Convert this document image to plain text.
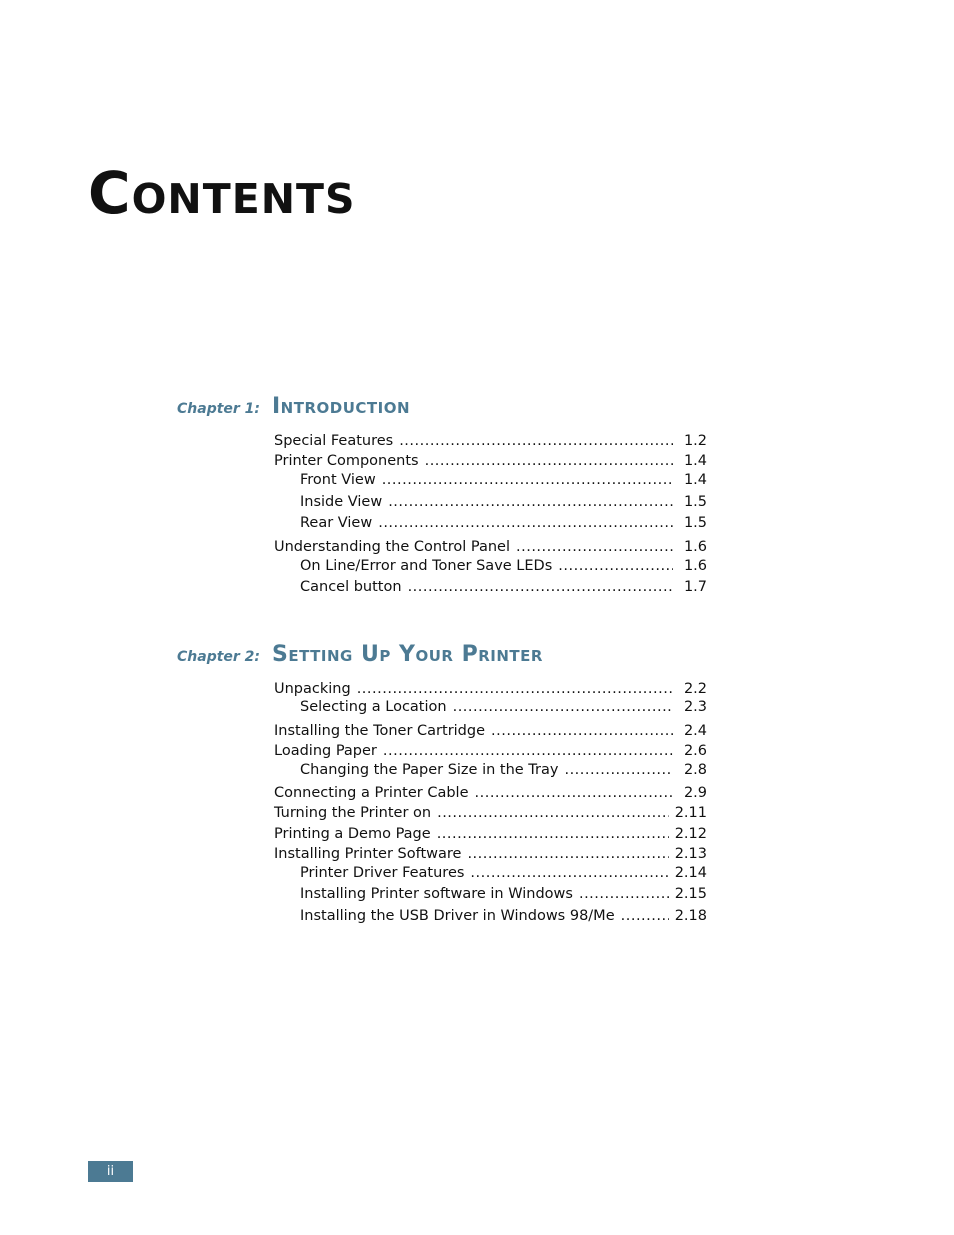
Contents
Chapter 1: Introduction
Special Features .....	1.2
Printer Components .....	1.4
Front View .....	1.4
Inside View .....	1.5
Rear View .....	1.5
Understanding the Control Panel .....	1.6
On Line/Error and Toner Save LEDs .....	1.6
Cancel button .....	1.7
Chapter 2: Setting Up Your Printer
Unpacking .....	2.2
Selecting a Location .....	2.3
Installing the Toner Cartridge .....	2.4
Loading Paper .....	2.6
Changing the Paper Size in the Tray .....	2.8
Connecting a Printer Cable .....	2.9
Turning the Printer on .....	2.11
Printing a Demo Page .....	2.12
Installing Printer Software .....	2.13
Printer Driver Features .....	2.14
Installing Printer software in Windows .....	2.15
Installing the USB Driver in Windows 98/Me .....	2.18
ii
